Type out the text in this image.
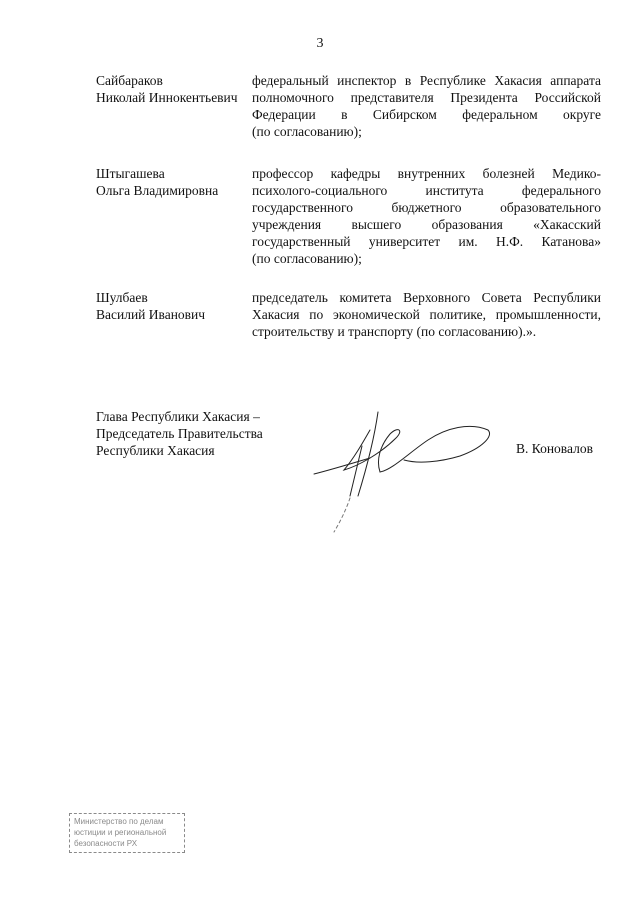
3
Сайбараков
Николай Иннокентьевич
федеральный инспектор в Республике Хакасия аппарата
полномочного представителя Президента Российской
Федерации в Сибирском федеральном округе
(по согласованию);
Штыгашева
Ольга Владимировна
профессор кафедры внутренних болезней Медико-
психолого-социального института федерального
государственного бюджетного образовательного
учреждения высшего образования «Хакасский
государственный университет им. Н.Ф. Катанова»
(по согласованию);
Шулбаев
Василий Иванович
председатель комитета Верховного Совета Республики
Хакасия по экономической политике, промышленности,
строительству и транспорту (по согласованию).».
Глава Республики Хакасия –
Председатель Правительства
Республики Хакасия	В. Коновалов
Министерство по делам
юстиции и региональной
безопасности РХ
